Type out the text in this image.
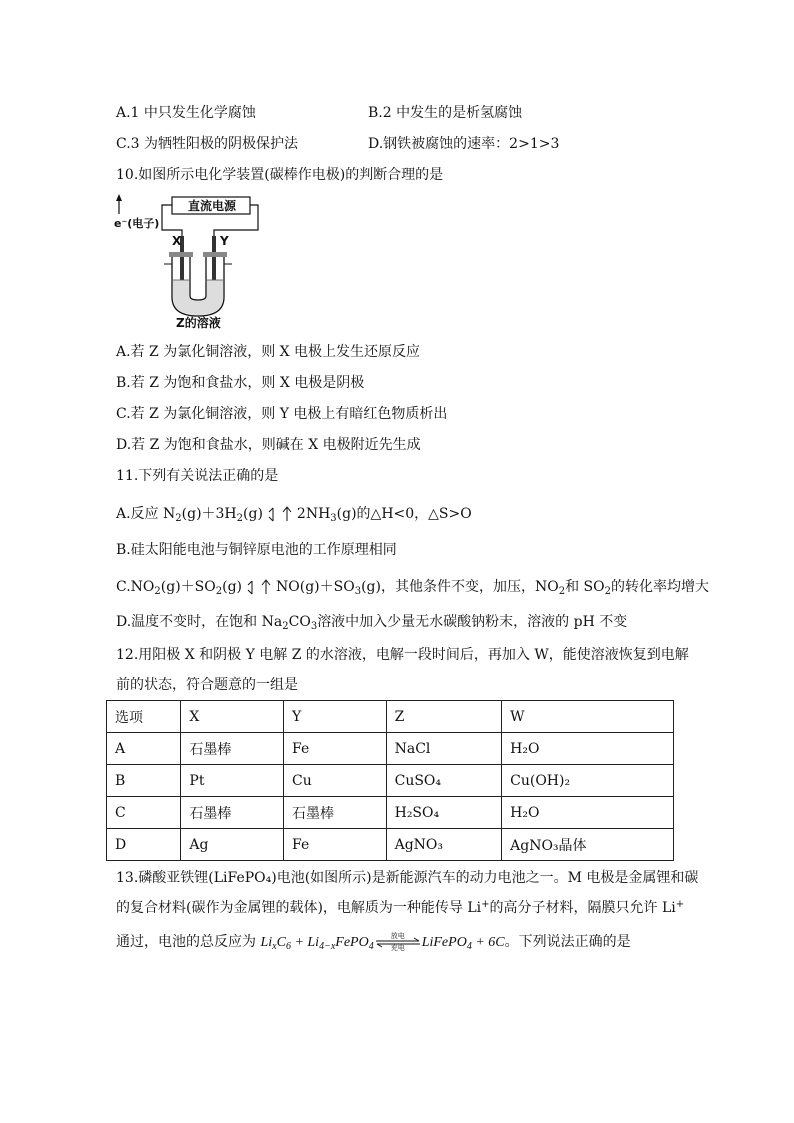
A.1 中只发生化学腐蚀	B.2 中发生的是析氢腐蚀
C.3 为牺牲阳极的阴极保护法	D.钢铁被腐蚀的速率：2>1>3
10.如图所示电化学装置(碳棒作电极)的判断合理的是
直流电源
e⁻(电子)
X	Y
Z的溶液
A.若 Z 为氯化铜溶液，则 X 电极上发生还原反应
B.若 Z 为饱和食盐水，则 X 电极是阴极
C.若 Z 为氯化铜溶液，则 Y 电极上有暗红色物质析出
D.若 Z 为饱和食盐水，则碱在 X 电极附近先生成
11.下列有关说法正确的是
A.反应 $N_2(g)+3H_2(g)$ $2NH_3(g)$的△H<0，△S>O
B.硅太阳能电池与铜锌原电池的工作原理相同
$C.NO_2(g)+SO_2(g)$ $NO(g)+SO_3(g)$，其他条件不变，加压，$NO_2$和 $SO_2$的转化率均增大
D.温度不变时，在饱和 $Na_2CO_3$溶液中加入少量无水碳酸钠粉末，溶液的 pH 不变
12.用阳极 X 和阴极 Y 电解 Z 的水溶液，电解一段时间后，再加入 W，能使溶液恢复到电解
前的状态，符合题意的一组是
选项	X	Y	Z	W
A	石墨棒	Fe	NaCl	H₂O
B	Pt	Cu	CuSO₄	Cu(OH)₂
C	石墨棒	石墨棒	H₂SO₄	H₂O
D	Ag	Fe	AgNO₃	AgNO₃晶体
13.磷酸亚铁锂(LiFePO₄)电池(如图所示)是新能源汽车的动力电池之一。M 电极是金属锂和碳
的复合材料(碳作为金属锂的载体)，电解质为一种能传导 Li+的高分子材料，隔膜只允许 Li+
通过，电池的总反应为 $Li_xC_6$ + $Li_{4-x}FePO_4$
放电
充电	LiFePO$_4$ + 6C。下列说法正确的是
